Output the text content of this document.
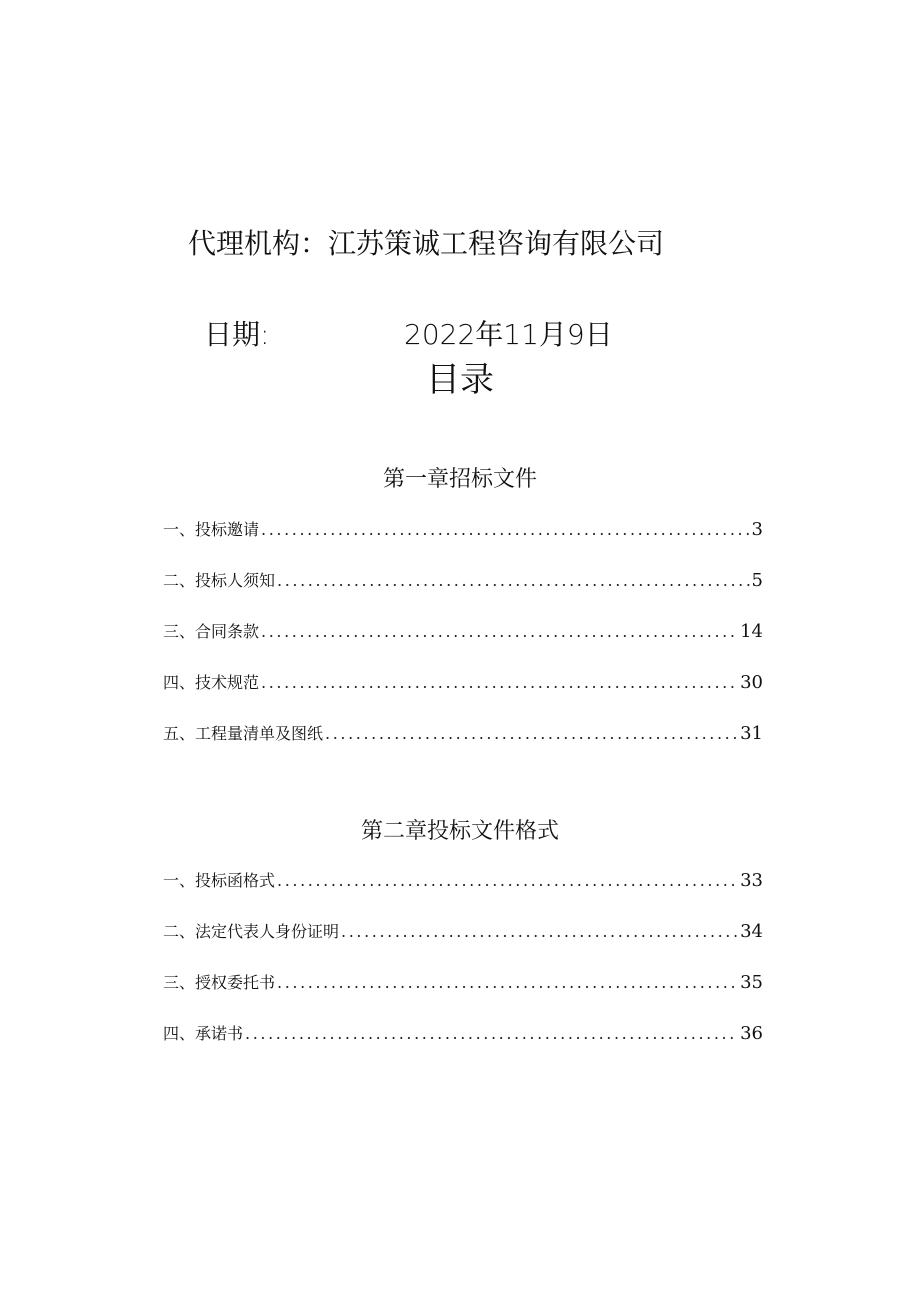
代理机构：江苏策诚工程咨询有限公司
日期:	2022年11月9日
目录
第一章招标文件
一、投标邀请 .....	3
二、投标人须知 .....	5
三、合同条款 .....	14
四、技术规范 .....	30
五、工程量清单及图纸 .....	31
第二章投标文件格式
一、投标函格式 .....	33
二、法定代表人身份证明 .....	34
三、授权委托书 .....	35
四、承诺书 .....	36
